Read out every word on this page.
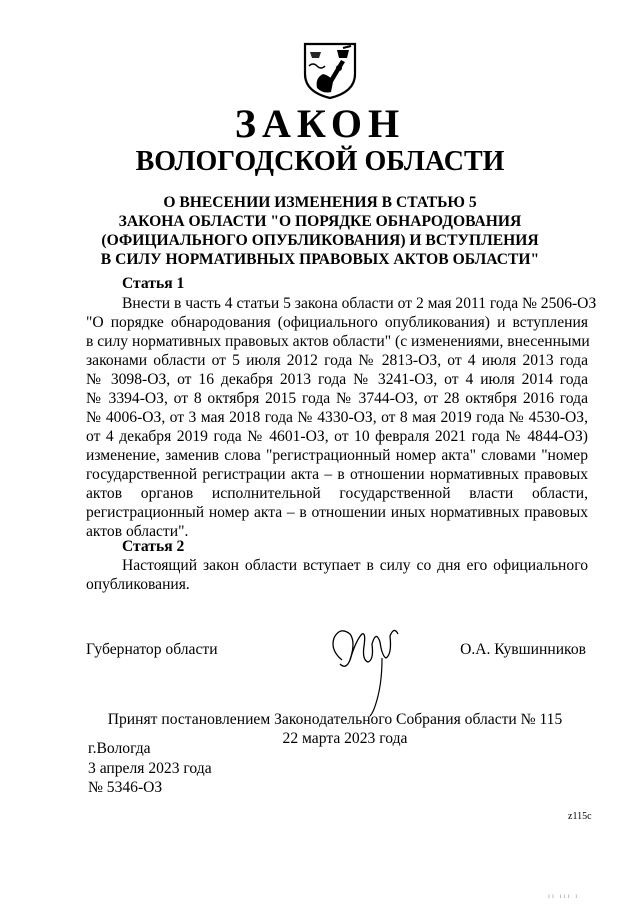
ЗАКОН
ВОЛОГОДСКОЙ ОБЛАСТИ
О ВНЕСЕНИИ ИЗМЕНЕНИЯ В СТАТЬЮ 5
ЗАКОНА ОБЛАСТИ "О ПОРЯДКЕ ОБНАРОДОВАНИЯ
(ОФИЦИАЛЬНОГО ОПУБЛИКОВАНИЯ) И ВСТУПЛЕНИЯ
В СИЛУ НОРМАТИВНЫХ ПРАВОВЫХ АКТОВ ОБЛАСТИ"
Статья 1
Внести в часть 4 статьи 5 закона области от 2 мая 2011 года № 2506-ОЗ
"О порядке обнародования (официального опубликования) и вступления
в силу нормативных правовых актов области" (с изменениями, внесенными
законами области от 5 июля 2012 года № 2813-ОЗ, от 4 июля 2013 года
№ 3098-ОЗ, от 16 декабря 2013 года № 3241-ОЗ, от 4 июля 2014 года
№ 3394-ОЗ, от 8 октября 2015 года № 3744-ОЗ, от 28 октября 2016 года
№ 4006-ОЗ, от 3 мая 2018 года № 4330-ОЗ, от 8 мая 2019 года № 4530-ОЗ,
от 4 декабря 2019 года № 4601-ОЗ, от 10 февраля 2021 года № 4844-ОЗ)
изменение, заменив слова "регистрационный номер акта" словами "номер
государственной регистрации акта – в отношении нормативных правовых
актов органов исполнительной государственной власти области,
регистрационный номер акта – в отношении иных нормативных правовых
актов области".
Статья 2
Настоящий закон области вступает в силу со дня его официального
опубликования.
Губернатор области	О.А. Кувшинников
Принят постановлением Законодательного Собрания области № 115
22 марта 2023 года
г.Вологда
3 апреля 2023 года
№ 5346-ОЗ
z115c
ıı ııı ı
